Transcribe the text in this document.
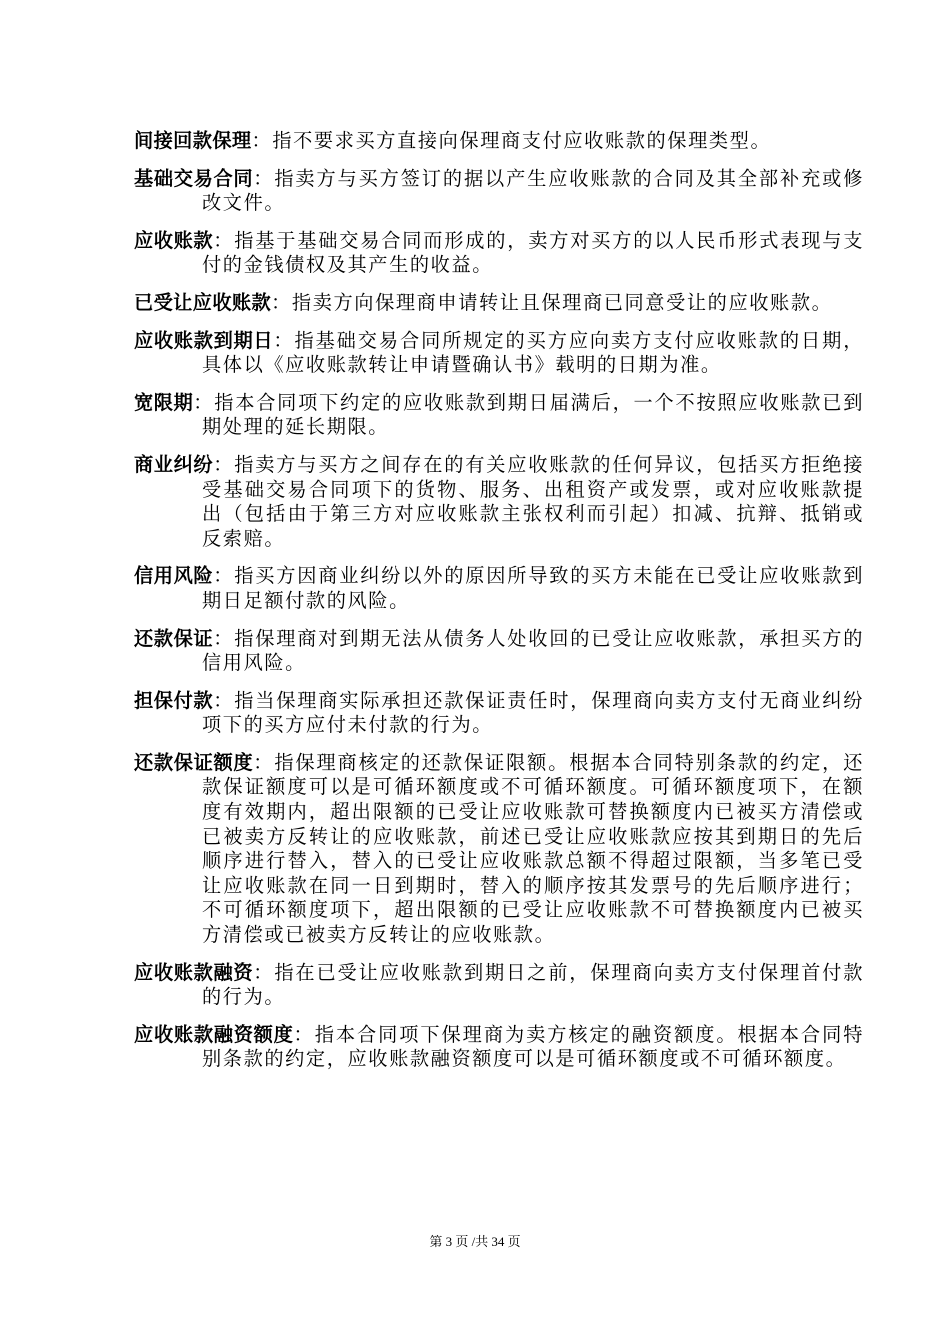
间接回款保理：指不要求买方直接向保理商支付应收账款的保理类型。

基础交易合同：指卖方与买方签订的据以产生应收账款的合同及其全部补充或修改文件。

应收账款：指基于基础交易合同而形成的，卖方对买方的以人民币形式表现与支付的金钱债权及其产生的收益。

已受让应收账款：指卖方向保理商申请转让且保理商已同意受让的应收账款。

应收账款到期日：指基础交易合同所规定的买方应向卖方支付应收账款的日期，具体以《应收账款转让申请暨确认书》载明的日期为准。

宽限期：指本合同项下约定的应收账款到期日届满后，一个不按照应收账款已到期处理的延长期限。

商业纠纷：指卖方与买方之间存在的有关应收账款的任何异议，包括买方拒绝接受基础交易合同项下的货物、服务、出租资产或发票，或对应收账款提出（包括由于第三方对应收账款主张权利而引起）扣减、抗辩、抵销或反索赔。

信用风险：指买方因商业纠纷以外的原因所导致的买方未能在已受让应收账款到期日足额付款的风险。

还款保证：指保理商对到期无法从债务人处收回的已受让应收账款，承担买方的信用风险。

担保付款：指当保理商实际承担还款保证责任时，保理商向卖方支付无商业纠纷项下的买方应付未付款的行为。

还款保证额度：指保理商核定的还款保证限额。根据本合同特别条款的约定，还款保证额度可以是可循环额度或不可循环额度。可循环额度项下，在额度有效期内，超出限额的已受让应收账款可替换额度内已被买方清偿或已被卖方反转让的应收账款，前述已受让应收账款应按其到期日的先后顺序进行替入，替入的已受让应收账款总额不得超过限额，当多笔已受让应收账款在同一日到期时，替入的顺序按其发票号的先后顺序进行；不可循环额度项下，超出限额的已受让应收账款不可替换额度内已被买方清偿或已被卖方反转让的应收账款。

应收账款融资：指在已受让应收账款到期日之前，保理商向卖方支付保理首付款的行为。

应收账款融资额度：指本合同项下保理商为卖方核定的融资额度。根据本合同特别条款的约定，应收账款融资额度可以是可循环额度或不可循环额度。

第 3 页 /共 34 页
